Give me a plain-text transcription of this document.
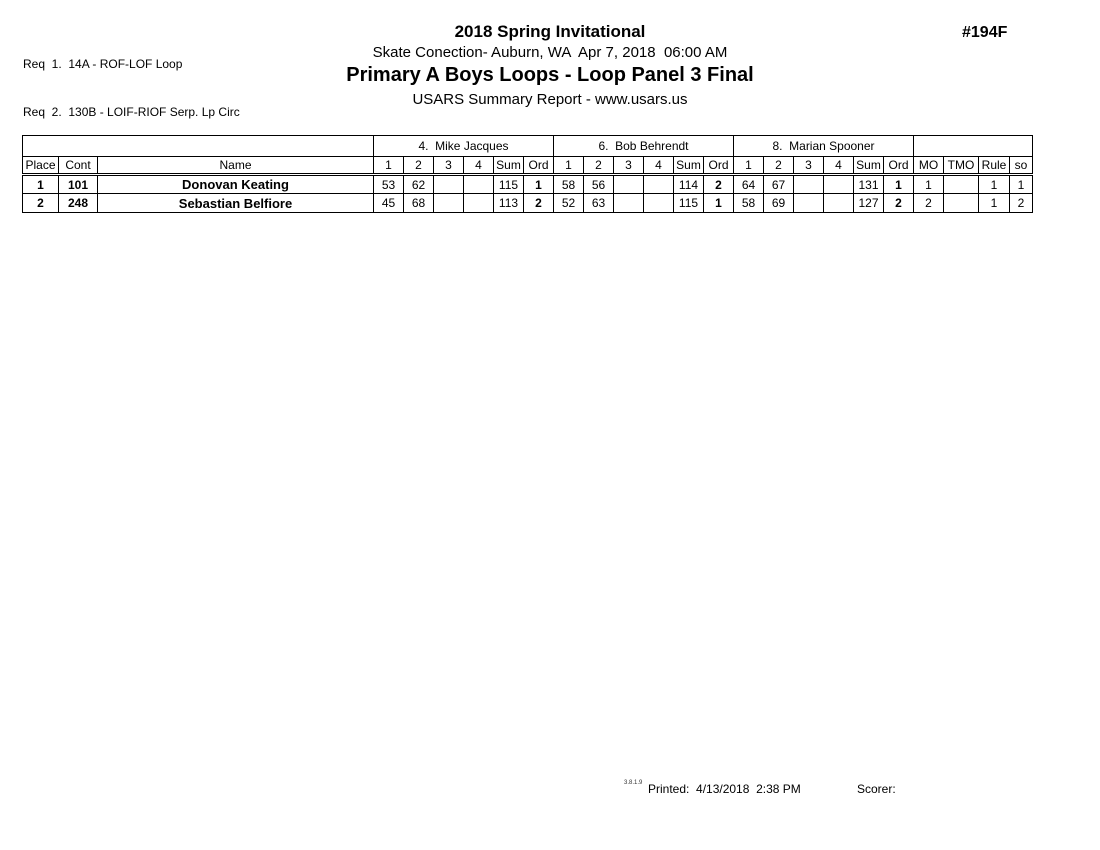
Req  1.  14A - ROF-LOF Loop

Req  2.  130B - LOIF-RIOF Serp. Lp Circ

2018 Spring Invitational
Skate Conection- Auburn, WA  Apr 7, 2018  06:00 AM
Primary A Boys Loops - Loop Panel 3 Final
USARS Summary Report - www.usars.us
#194F
			4.  Mike Jacques						6.  Bob Behrendt						8.  Marian Spooner									
Place	Cont	Name	1	2	3	4	Sum	Ord	1	2	3	4	Sum	Ord	1	2	3	4	Sum	Ord	MO	TMO	Rule	so
1	101	Donovan Keating	53	62			115	1	58	56			114	2	64	67			131	1	1		1	1
2	248	Sebastian Belfiore	45	68			113	2	52	63			115	1	58	69			127	2	2		1	2
3.8.1.9 Printed:  4/13/2018  2:38 PM	Scorer:
